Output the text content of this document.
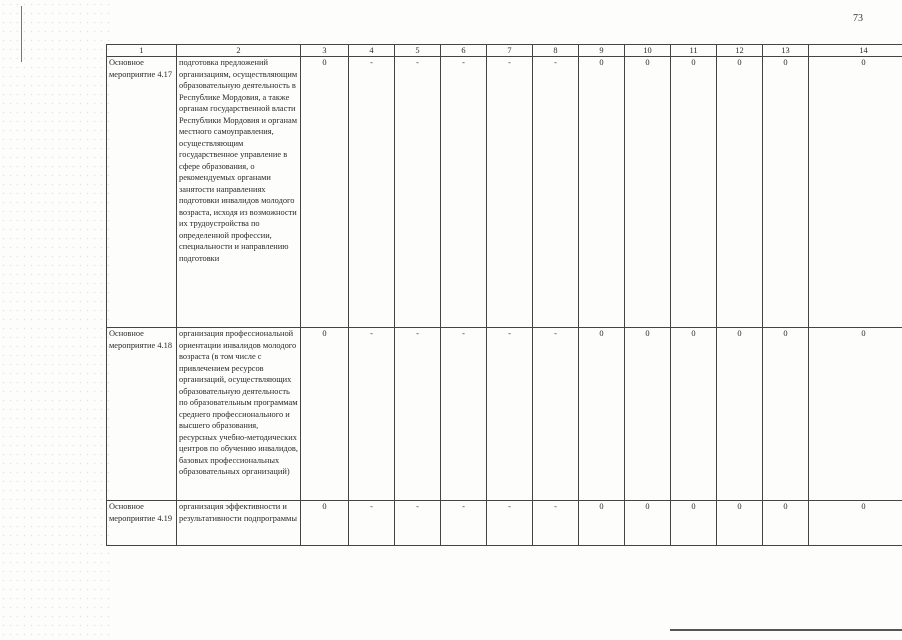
73
1	2	3	4	5	6	7	8	9	10	11	12	13	14
Основное мероприятие 4.17	подготовка предложений организациям, осуществляющим образовательную деятельность в Республике Мордовия, а также органам государственной власти Республики Мордовия и органам местного самоуправления, осуществляющим государственное управление в сфере образования, о рекомендуемых органами занятости направлениях подготовки инвалидов молодого возраста, исходя из возможности их трудоустройства по определенной профессии, специальности и направлению подготовки	0	-	-	-	-	-	0	0	0	0	0	0
Основное мероприятие 4.18	организация профессиональной ориентации инвалидов молодого возраста (в том числе с привлечением ресурсов организаций, осуществляющих образовательную деятельность по образовательным программам среднего профессионального и высшего образования, ресурсных учебно-методических центров по обучению инвалидов, базовых профессиональных образовательных организаций)	0	-	-	-	-	-	0	0	0	0	0	0
Основное мероприятие 4.19	организация эффективности и результативности подпрограммы	0	-	-	-	-	-	0	0	0	0	0	0
